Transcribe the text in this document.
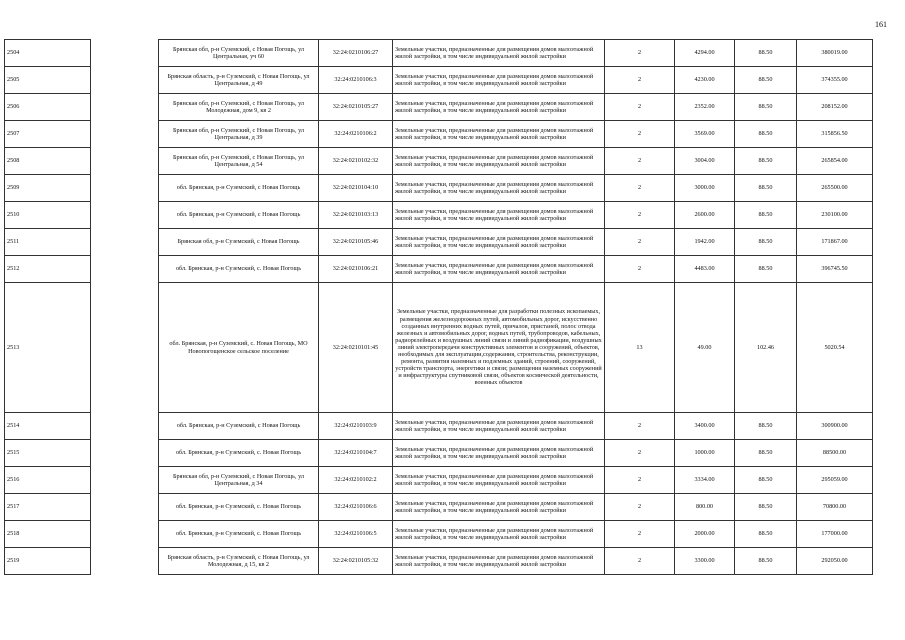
161
2504		Брянская обл, р-н Суземский, с Новая Погощь, ул Центральная, уч 60	32:24:0210106:27	Земельные участки, предназначенные для размещения домов малоэтажной жилой застройки, в том числе индивидуальной жилой застройки	2	4294.00	88.50	380019.00
2505		Брянская область, р-н Суземский, с Новая Погощь, ул Центральная, д 49	32:24:0210106:3	Земельные участки, предназначенные для размещения домов малоэтажной жилой застройки, в том числе индивидуальной жилой застройки	2	4230.00	88.50	374355.00
2506		Брянская обл, р-н Суземский, с Новая Погощь, ул Молодежная, дом 9, кв 2	32:24:0210105:27	Земельные участки, предназначенные для размещения домов малоэтажной жилой застройки, в том числе индивидуальной жилой застройки	2	2352.00	88.50	208152.00
2507		Брянская обл, р-н Суземский, с Новая Погощь, ул Центральная, д 39	32:24:0210106:2	Земельные участки, предназначенные для размещения домов малоэтажной жилой застройки, в том числе индивидуальной жилой застройки	2	3569.00	88.50	315856.50
2508		Брянская обл, р-н Суземский, с Новая Погощь, ул Центральная, д 54	32:24:0210102:32	Земельные участки, предназначенные для размещения домов малоэтажной жилой застройки, в том числе индивидуальной жилой застройки	2	3004.00	88.50	265854.00
2509		обл. Брянская, р-н Суземский, с Новая Погощь	32:24:0210104:10	Земельные участки, предназначенные для размещения домов малоэтажной жилой застройки, в том числе индивидуальной жилой застройки	2	3000.00	88.50	265500.00
2510		обл. Брянская, р-н Суземский, с Новая Погощь	32:24:0210103:13	Земельные участки, предназначенные для размещения домов малоэтажной жилой застройки, в том числе индивидуальной жилой застройки	2	2600.00	88.50	230100.00
2511		Брянская обл, р-н Суземский, с Новая Погощь	32:24:0210105:46	Земельные участки, предназначенные для размещения домов малоэтажной жилой застройки, в том числе индивидуальной жилой застройки	2	1942.00	88.50	171867.00
2512		обл. Брянская, р-н Суземский, с. Новая Погощь	32:24:0210106:21	Земельные участки, предназначенные для размещения домов малоэтажной жилой застройки, в том числе индивидуальной жилой застройки	2	4483.00	88.50	396745.50
2513		обл. Брянская, р-н Суземский, с. Новая Погощь, МО Новопогощенское сельское поселение	32:24:0210101:45	Земельные участки, предназначенные для разработки полезных ископаемых, размещения железнодорожных путей, автомобильных дорог, искусственно созданных внутренних водных путей, причалов, пристаней, полос отвода железных и автомобильных дорог, водных путей, трубопроводов, кабельных, радиорелейных и воздушных линий связи и линий радиофикации, воздушных линий электропередачи конструктивных элементов и сооружений, объектов, необходимых для эксплуатации,содержания, строительства, реконструкции, ремонта, развития наземных и подземных зданий, строений, сооружений, устройств транспорта, энергетики и связи; размещения наземных сооружений и инфраструктуры спутниковой связи, объектов космической деятельности, военных объектов	13	49.00	102.46	5020.54
2514		обл. Брянская, р-н Суземский, с Новая Погощь	32:24:0210103:9	Земельные участки, предназначенные для размещения домов малоэтажной жилой застройки, в том числе индивидуальной жилой застройки	2	3400.00	88.50	300900.00
2515		обл. Брянская, р-н Суземский, с. Новая Погощь	32:24:0210104:7	Земельные участки, предназначенные для размещения домов малоэтажной жилой застройки, в том числе индивидуальной жилой застройки	2	1000.00	88.50	88500.00
2516		Брянская обл, р-н Суземский, с Новая Погощь, ул Центральная, д 34	32:24:0210102:2	Земельные участки, предназначенные для размещения домов малоэтажной жилой застройки, в том числе индивидуальной жилой застройки	2	3334.00	88.50	295059.00
2517		обл. Брянская, р-н Суземский, с. Новая Погощь	32:24:0210106:6	Земельные участки, предназначенные для размещения домов малоэтажной жилой застройки, в том числе индивидуальной жилой застройки	2	800.00	88.50	70800.00
2518		обл. Брянская, р-н Суземский, с. Новая Погощь	32:24:0210106:5	Земельные участки, предназначенные для размещения домов малоэтажной жилой застройки, в том числе индивидуальной жилой застройки	2	2000.00	88.50	177000.00
2519		Брянская область, р-н Суземский, с Новая Погощь, ул Молодежная, д 15, кв 2	32:24:0210105:32	Земельные участки, предназначенные для размещения домов малоэтажной жилой застройки, в том числе индивидуальной жилой застройки	2	3300.00	88.50	292050.00
